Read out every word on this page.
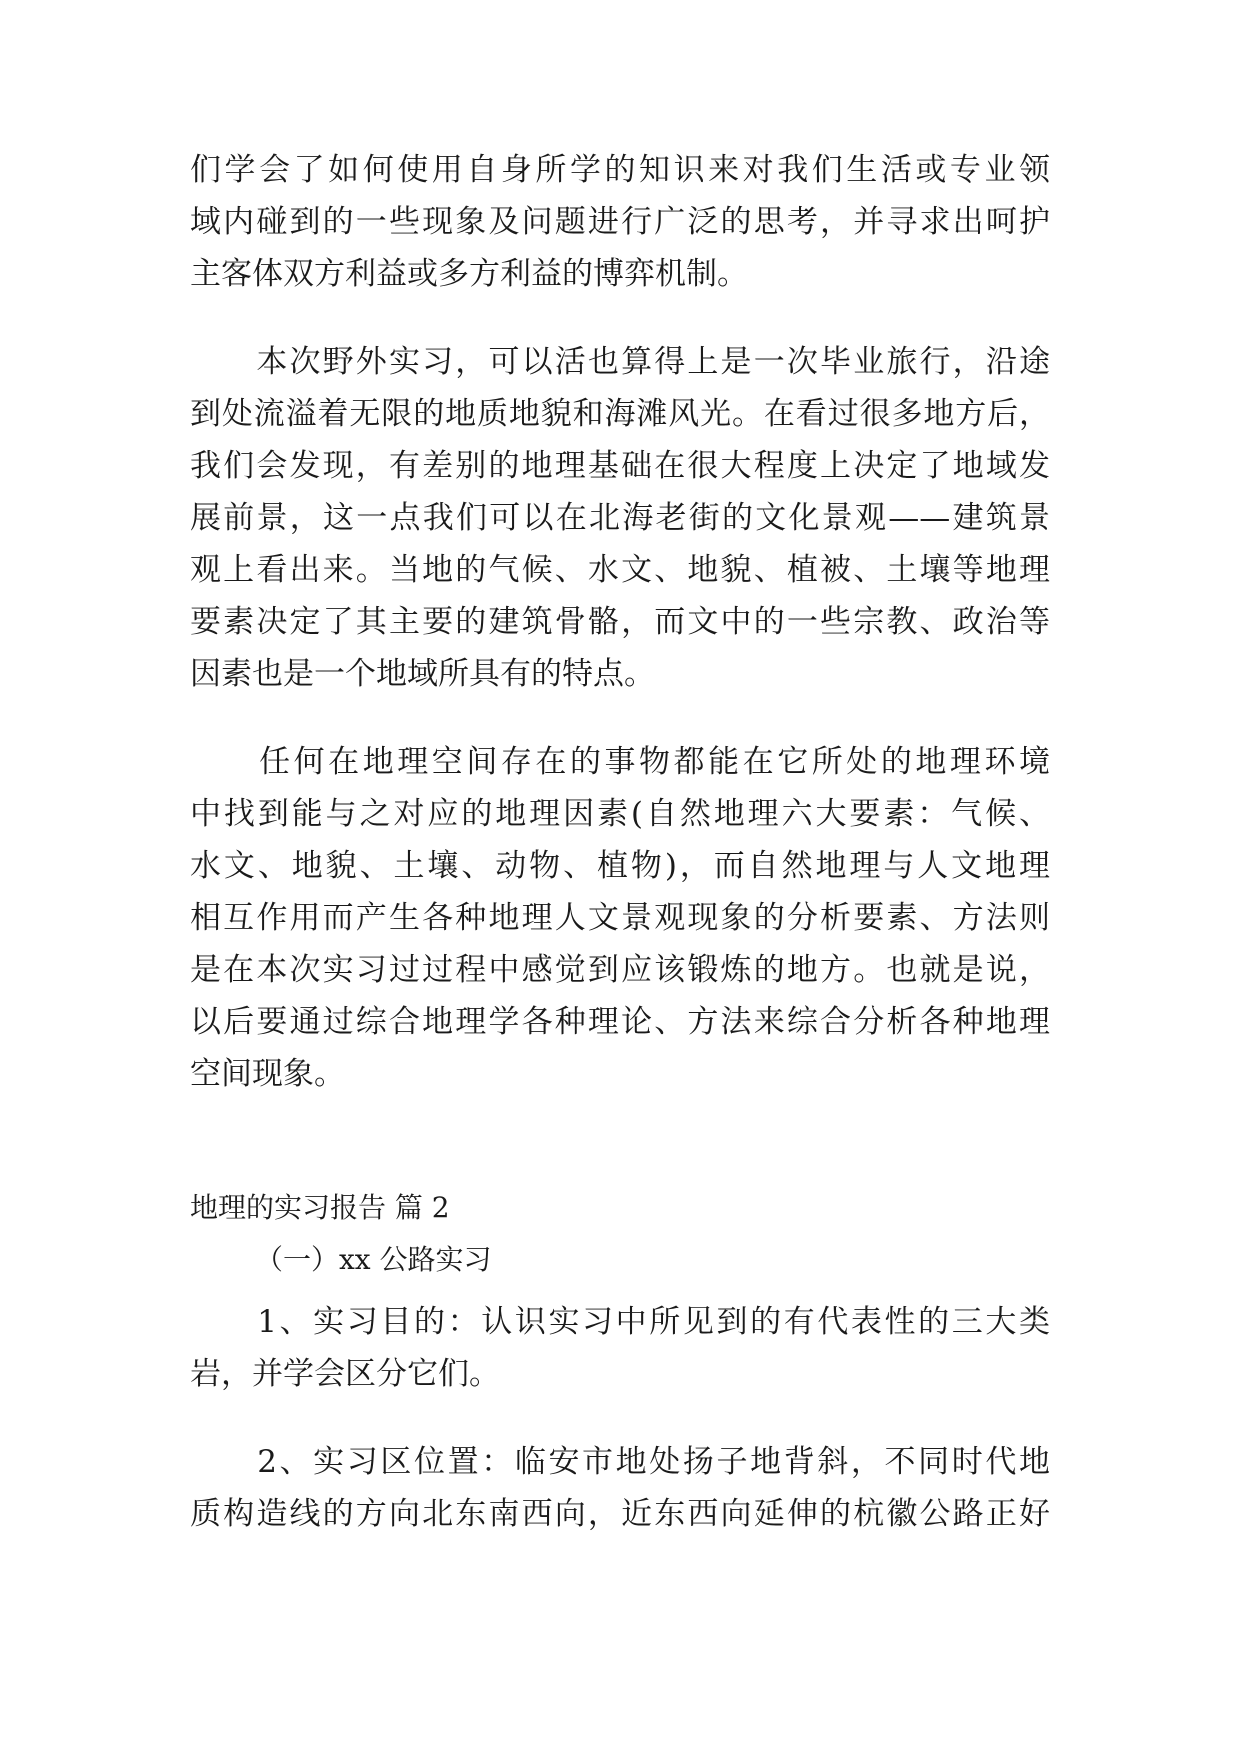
们学会了如何使用自身所学的知识来对我们生活或专业领
域内碰到的一些现象及问题进行广泛的思考，并寻求出呵护
主客体双方利益或多方利益的博弈机制。
　　本次野外实习，可以活也算得上是一次毕业旅行，沿途
到处流溢着无限的地质地貌和海滩风光。在看过很多地方后，
我们会发现，有差别的地理基础在很大程度上决定了地域发
展前景，这一点我们可以在北海老街的文化景观——建筑景
观上看出来。当地的气候、水文、地貌、植被、土壤等地理
要素决定了其主要的建筑骨骼，而文中的一些宗教、政治等
因素也是一个地域所具有的特点。
　　任何在地理空间存在的事物都能在它所处的地理环境
中找到能与之对应的地理因素(自然地理六大要素：气候、
水文、地貌、土壤、动物、植物)，而自然地理与人文地理
相互作用而产生各种地理人文景观现象的分析要素、方法则
是在本次实习过过程中感觉到应该锻炼的地方。也就是说，
以后要通过综合地理学各种理论、方法来综合分析各种地理
空间现象。
地理的实习报告 篇 2
（一）xx 公路实习
　　1、实习目的：认识实习中所见到的有代表性的三大类
岩，并学会区分它们。
　　2、实习区位置：临安市地处扬子地背斜，不同时代地
质构造线的方向北东南西向，近东西向延伸的杭徽公路正好
